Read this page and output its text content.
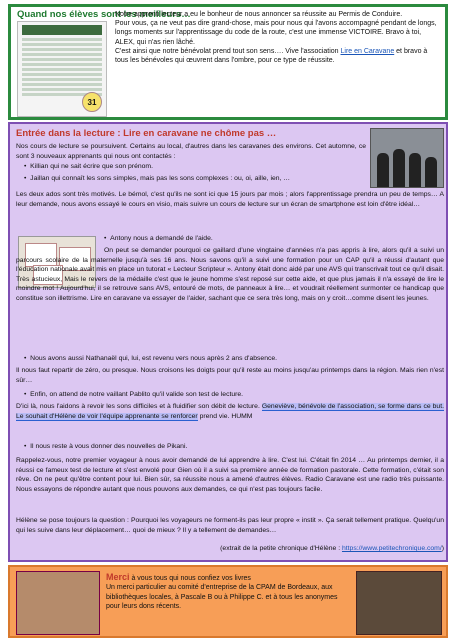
Quand nos élèves sont les meilleurs…
31
Notre apprenti lecteur a eu le bonheur de nous annoncer sa réussite au Permis de Conduire.
Pour vous, ça ne veut pas dire grand-chose, mais pour nous qui l'avons accompagné pendant de longs, longs moments sur l'apprentissage du code de la route, c'est une immense VICTOIRE. Bravo à toi, ALEX, qui n'as rien lâché.
C'est ainsi que notre bénévolat prend tout son sens…. Vive l'association Lire en Caravane et bravo à tous les bénévoles qui œuvrent dans l'ombre, pour ce type de réussite.
Entrée dans la lecture : Lire en caravane ne chôme pas …
Nos cours de lecture se poursuivent. Certains au local, d'autres dans les caravanes des environs. Cet automne, ce sont 3 nouveaux apprenants qui nous ont contactés :
•  Killian qui ne sait écrire que son prénom.
•  Jaillan qui connaît les sons simples, mais pas les sons complexes : ou, oi, aille, ien, …
Les deux ados sont très motivés. Le bémol, c'est qu'ils ne sont ici que 15 jours par mois ; alors l'apprentissage prendra un peu de temps… A leur demande, nous avons essayé le cours en visio, mais suivre un cours de lecture sur un écran de smartphone est loin d'être idéal…
•  Antony nous a demandé de l'aide.
On peut se demander pourquoi ce gaillard d'une vingtaine d'années n'a pas appris à lire, alors qu'il a suivi un parcours scolaire de la maternelle jusqu'à ses 16 ans. Nous savons qu'il a suivi une formation pour un CAP qu'il a réussi d'autant que l'éducation nationale avait mis en place un tutorat « Lecteur Scripteur ». Antony était donc aidé par une AVS qui transcrivait tout ce qu'il disait. Très astucieux, Mais le revers de la médaille c'est que le jeune homme s'est reposé sur cette aide, et que plus jamais il n'a essayé de lire le moindre mot ! Aujourd'hui, il se retrouve sans AVS, entouré de mots, de panneaux à lire… et voudrait réellement surmonter ce handicap que constitue son illettrisme. Lire en caravane va essayer de l'aider, sachant que ce sera très long, mais on y croit…comme disent les jeunes.
•  Nous avons aussi Nathanaël qui, lui, est revenu vers nous après 2 ans d'absence.
Il nous faut repartir de zéro, ou presque. Nous croisons les doigts pour qu'il reste au moins jusqu'au printemps dans la région. Mais rien n'est sûr…
•  Enfin, on attend de notre vaillant Pablito qu'il valide son test de lecture.
D'ici là, nous l'aidons à revoir les sons difficiles et à fluidifier son débit de lecture. Geneviève, bénévole de l'association, se forme dans ce but. Le souhait d'Hélène de voir l'équipe apprenante se renforcer prend vie. HUMM
•  Il nous reste à vous donner des nouvelles de Pikani.
Rappelez-vous, notre premier voyageur à nous avoir demandé de lui apprendre à lire. C'est lui. C'était fin 2014 … Au printemps dernier, il a réussi ce fameux test de lecture et s'est envolé pour Gien où il a suivi sa première année de formation pastorale. Cette formation, c'était son rêve. On ne peut qu'être content pour lui. Bien sûr, sa réussite nous a amené d'autres élèves. Radio Caravane est une radio très puissante. Nous essayons de répondre autant que nous pouvons aux demandes, ce qui n'est pas toujours facile.
Hélène se pose toujours la question : Pourquoi les voyageurs ne forment-ils pas leur propre « instit ». Ça serait tellement pratique. Quelqu'un qui les suive dans leur déplacement… quoi de mieux ? Il y a tellement de demandes…
(extrait de la petite chronique d'Hélène : https://www.petitechronique.com/)
Merci à vous tous qui nous confiez vos livres
Un merci particulier au comité d'entreprise de la CPAM de Bordeaux, aux bibliothèques locales, à Pascale B ou à Philippe C. et à tous les anonymes pour leurs dons récents.
